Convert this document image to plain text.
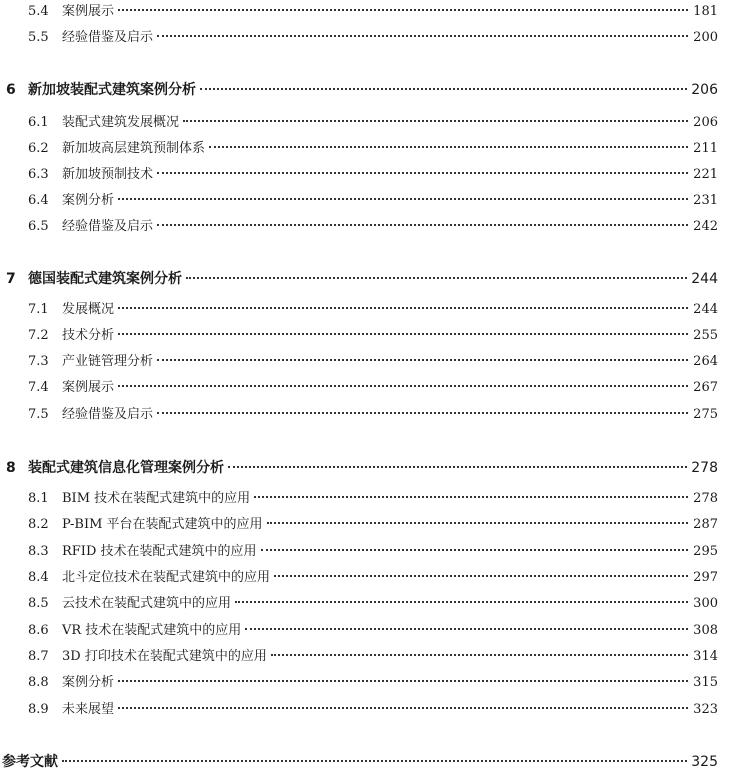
5.4	案例展示	181
5.5	经验借鉴及启示	200
6 新加坡装配式建筑案例分析	206
6.1	装配式建筑发展概况	206
6.2	新加坡高层建筑预制体系	211
6.3	新加坡预制技术	221
6.4	案例分析	231
6.5	经验借鉴及启示	242
7 德国装配式建筑案例分析	244
7.1	发展概况	244
7.2	技术分析	255
7.3	产业链管理分析	264
7.4	案例展示	267
7.5	经验借鉴及启示	275
8 装配式建筑信息化管理案例分析	278
8.1	BIM 技术在装配式建筑中的应用	278
8.2	P-BIM 平台在装配式建筑中的应用	287
8.3	RFID 技术在装配式建筑中的应用	295
8.4	北斗定位技术在装配式建筑中的应用	297
8.5	云技术在装配式建筑中的应用	300
8.6	VR 技术在装配式建筑中的应用	308
8.7	3D 打印技术在装配式建筑中的应用	314
8.8	案例分析	315
8.9	未来展望	323
参考文献	325
